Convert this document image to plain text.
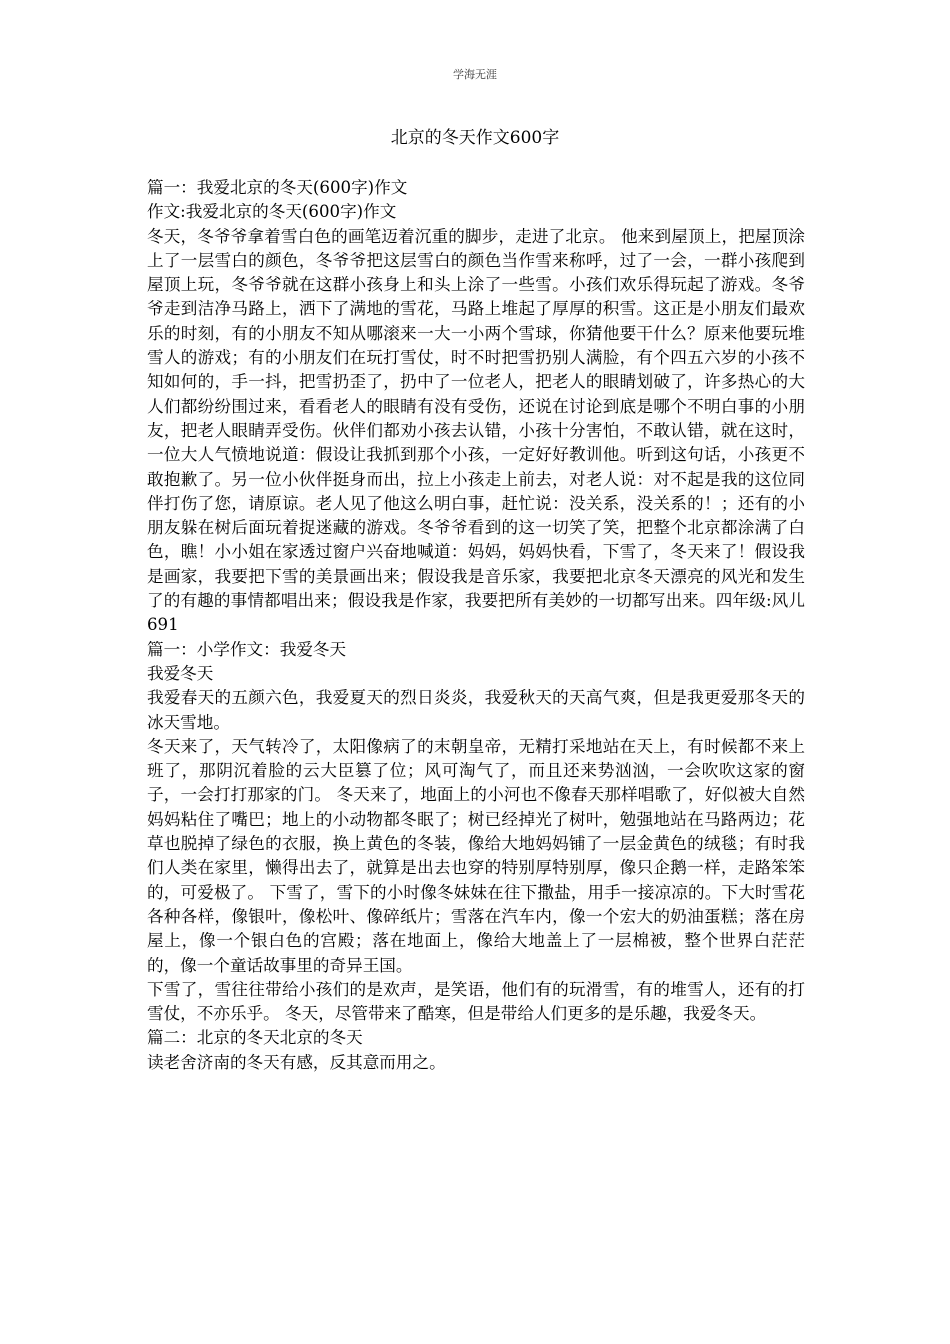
学海无涯
北京的冬天作文600字

篇一：我爱北京的冬天(600字)作文

作文:我爱北京的冬天(600字)作文

冬天，冬爷爷拿着雪白色的画笔迈着沉重的脚步，走进了北京。 他来到屋顶上，把屋顶涂上了一层雪白的颜色，冬爷爷把这层雪白的颜色当作雪来称呼，过了一会，一群小孩爬到屋顶上玩，冬爷爷就在这群小孩身上和头上涂了一些雪。小孩们欢乐得玩起了游戏。冬爷爷走到洁净马路上，洒下了满地的雪花，马路上堆起了厚厚的积雪。这正是小朋友们最欢乐的时刻，有的小朋友不知从哪滚来一大一小两个雪球，你猜他要干什么？原来他要玩堆雪人的游戏；有的小朋友们在玩打雪仗，时不时把雪扔别人满脸，有个四五六岁的小孩不知如何的，手一抖，把雪扔歪了，扔中了一位老人，把老人的眼睛划破了，许多热心的大人们都纷纷围过来，看看老人的眼睛有没有受伤，还说在讨论到底是哪个不明白事的小朋友，把老人眼睛弄受伤。伙伴们都劝小孩去认错，小孩十分害怕，不敢认错，就在这时，一位大人气愤地说道：假设让我抓到那个小孩，一定好好教训他。听到这句话，小孩更不敢抱歉了。另一位小伙伴挺身而出，拉上小孩走上前去，对老人说：对不起是我的这位同伴打伤了您，请原谅。老人见了他这么明白事，赶忙说：没关系，没关系的！；还有的小朋友躲在树后面玩着捉迷藏的游戏。冬爷爷看到的这一切笑了笑，把整个北京都涂满了白色，瞧！小小姐在家透过窗户兴奋地喊道：妈妈，妈妈快看，下雪了，冬天来了！假设我是画家，我要把下雪的美景画出来；假设我是音乐家，我要把北京冬天漂亮的风光和发生了的有趣的事情都唱出来；假设我是作家，我要把所有美妙的一切都写出来。四年级:风儿691

篇一：小学作文：我爱冬天

我爱冬天

我爱春天的五颜六色，我爱夏天的烈日炎炎，我爱秋天的天高气爽，但是我更爱那冬天的冰天雪地。

冬天来了，天气转冷了，太阳像病了的末朝皇帝，无精打采地站在天上，有时候都不来上班了，那阴沉着脸的云大臣篡了位；风可淘气了，而且还来势汹汹，一会吹吹这家的窗子，一会打打那家的门。 冬天来了，地面上的小河也不像春天那样唱歌了，好似被大自然妈妈粘住了嘴巴；地上的小动物都冬眠了；树已经掉光了树叶，勉强地站在马路两边；花草也脱掉了绿色的衣服，换上黄色的冬装，像给大地妈妈铺了一层金黄色的绒毯；有时我们人类在家里，懒得出去了，就算是出去也穿的特别厚特别厚，像只企鹅一样，走路笨笨的，可爱极了。 下雪了，雪下的小时像冬妹妹在往下撒盐，用手一接凉凉的。下大时雪花各种各样，像银叶，像松叶、像碎纸片；雪落在汽车内，像一个宏大的奶油蛋糕；落在房屋上，像一个银白色的宫殿；落在地面上，像给大地盖上了一层棉被，整个世界白茫茫的，像一个童话故事里的奇异王国。

下雪了，雪往往带给小孩们的是欢声，是笑语，他们有的玩滑雪，有的堆雪人，还有的打雪仗，不亦乐乎。 冬天，尽管带来了酷寒，但是带给人们更多的是乐趣，我爱冬天。

篇二：北京的冬天北京的冬天

读老舍济南的冬天有感，反其意而用之。
